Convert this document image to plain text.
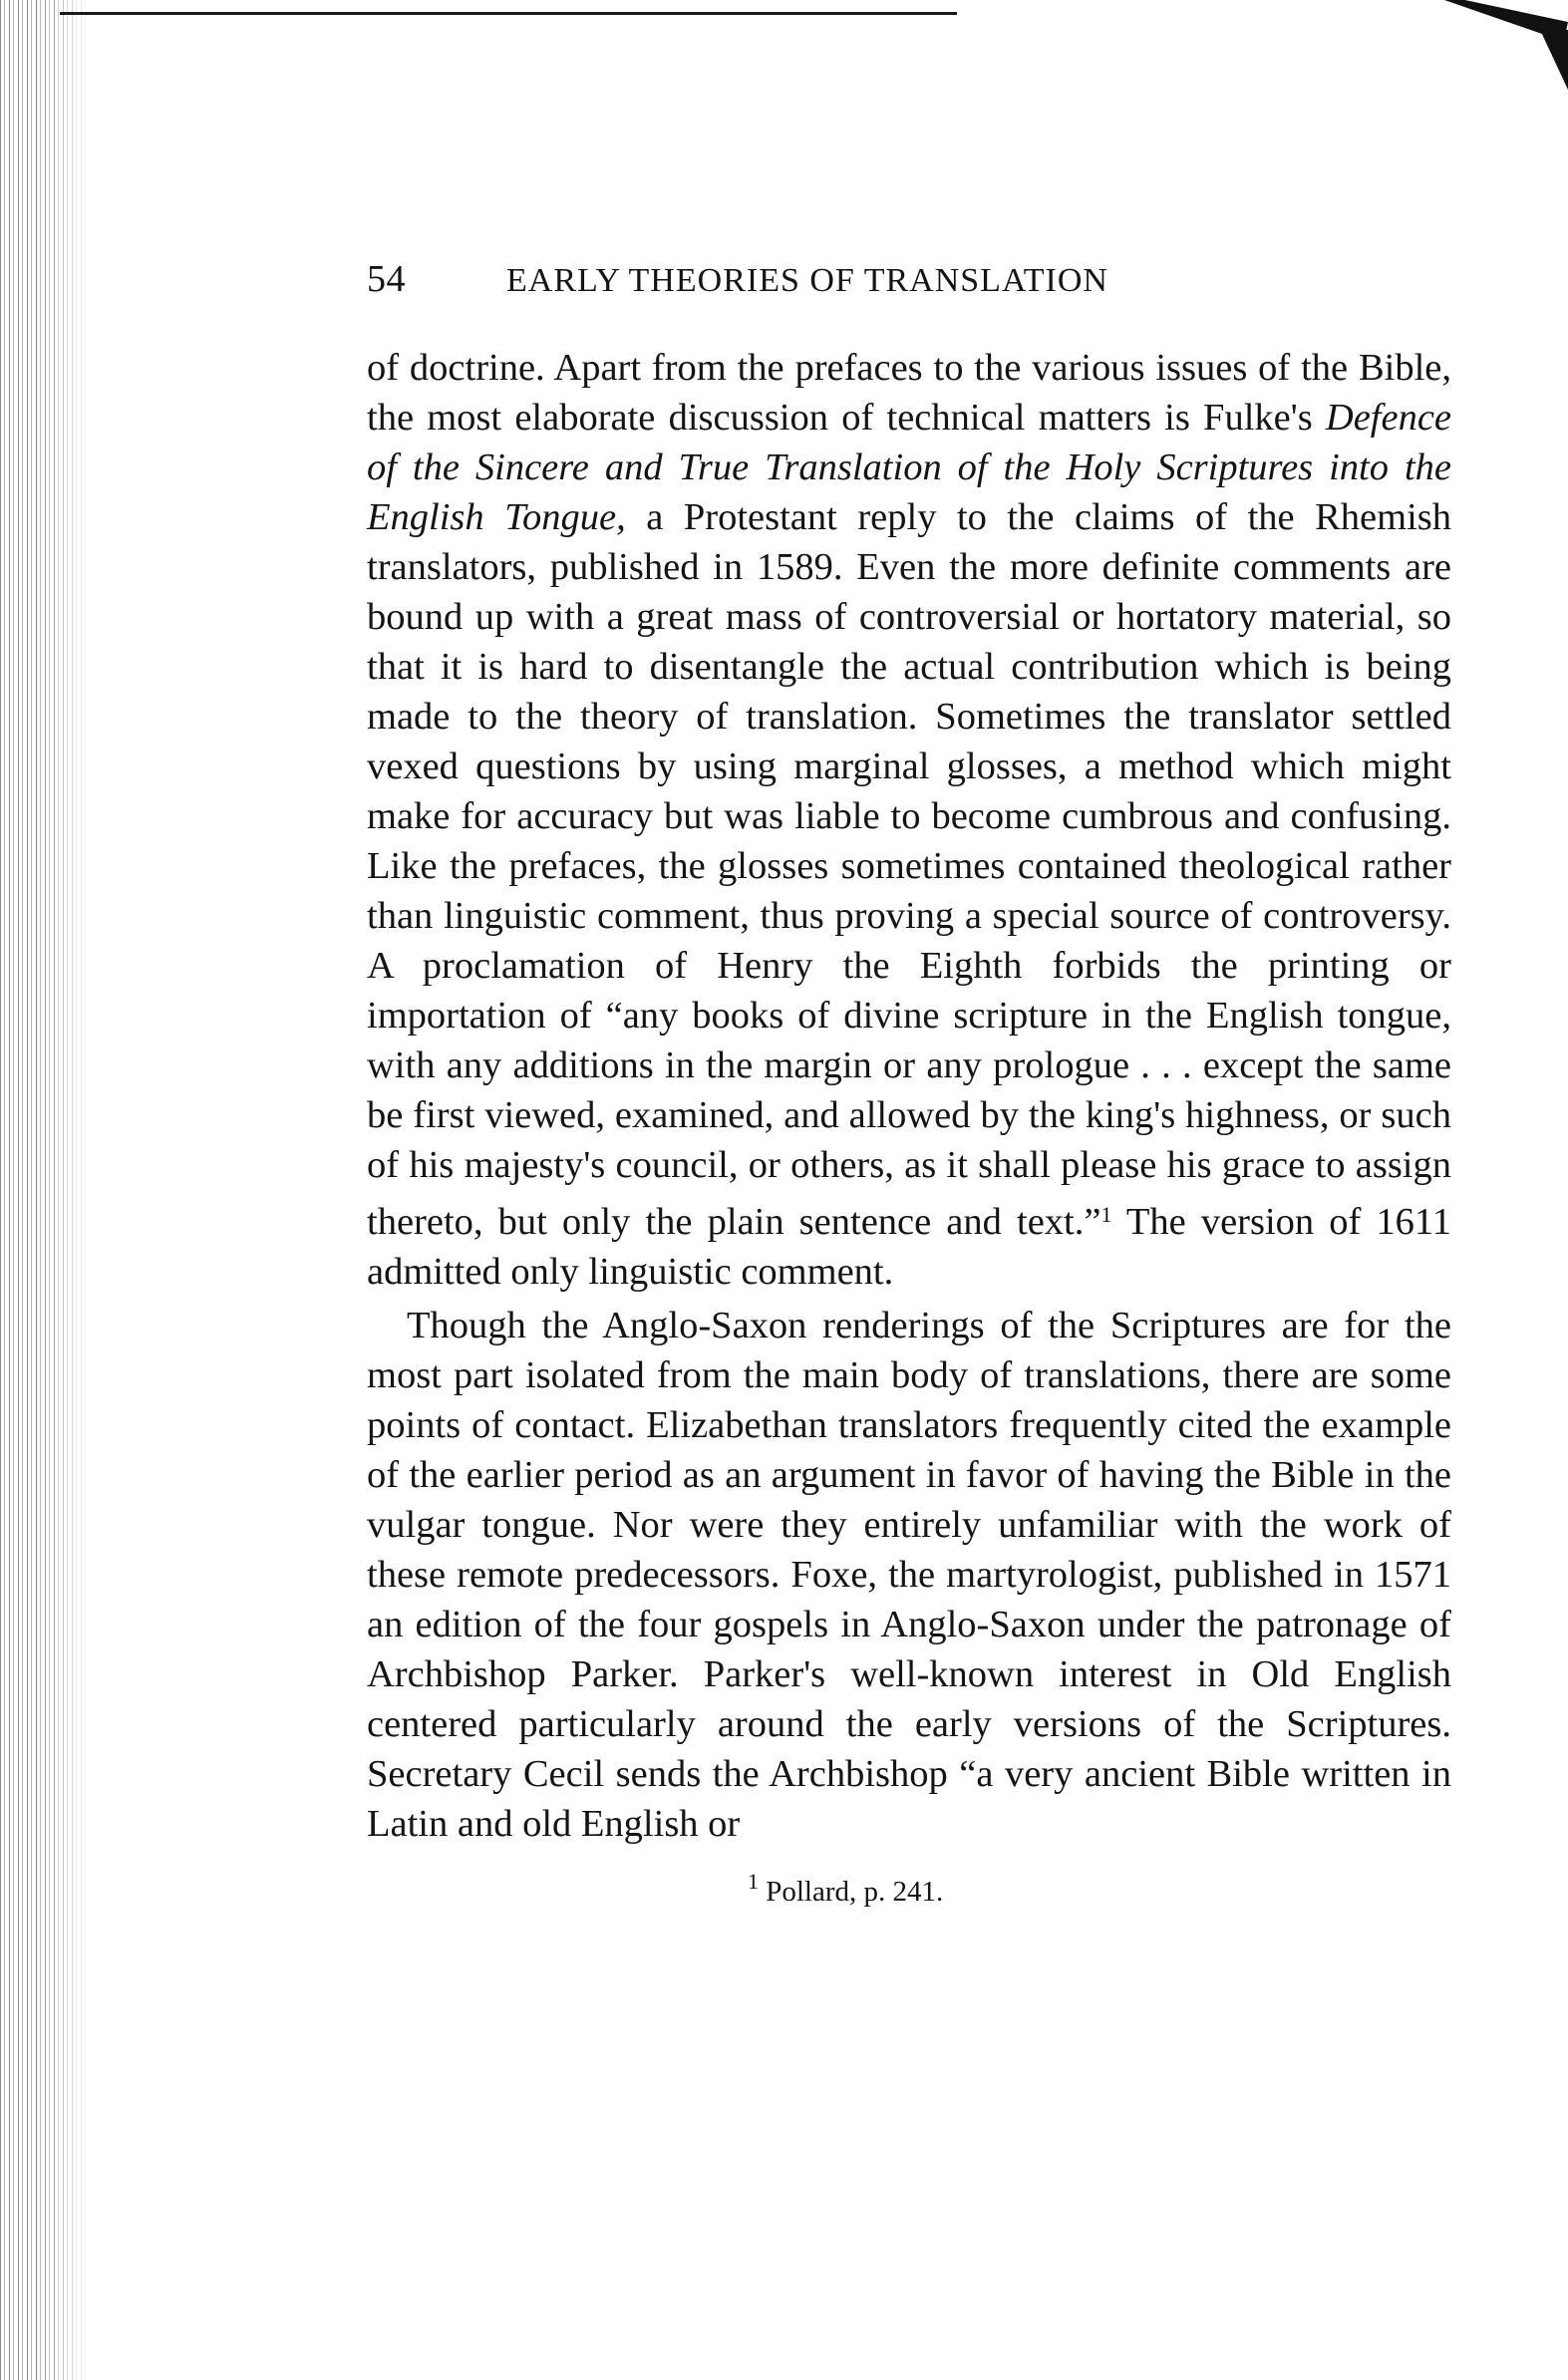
54	EARLY THEORIES OF TRANSLATION

of doctrine. Apart from the prefaces to the various issues of the Bible, the most elaborate discussion of technical matters is Fulke's Defence of the Sincere and True Translation of the Holy Scriptures into the English Tongue, a Protestant reply to the claims of the Rhemish translators, published in 1589. Even the more definite comments are bound up with a great mass of controversial or hortatory material, so that it is hard to disentangle the actual contribution which is being made to the theory of translation. Sometimes the translator settled vexed questions by using marginal glosses, a method which might make for accuracy but was liable to become cumbrous and confusing. Like the prefaces, the glosses sometimes contained theological rather than linguistic comment, thus proving a special source of controversy. A proclamation of Henry the Eighth forbids the printing or importation of “any books of divine scripture in the English tongue, with any additions in the margin or any prologue . . . except the same be first viewed, examined, and allowed by the king's highness, or such of his majesty's council, or others, as it shall please his grace to assign thereto, but only the plain sentence and text.”$^1$ The version of 1611 admitted only linguistic comment.

Though the Anglo-Saxon renderings of the Scriptures are for the most part isolated from the main body of translations, there are some points of contact. Elizabethan translators frequently cited the example of the earlier period as an argument in favor of having the Bible in the vulgar tongue. Nor were they entirely unfamiliar with the work of these remote predecessors. Foxe, the martyrologist, published in 1571 an edition of the four gospels in Anglo-Saxon under the patronage of Archbishop Parker. Parker's well-known interest in Old English centered particularly around the early versions of the Scriptures. Secretary Cecil sends the Archbishop “a very ancient Bible written in Latin and old English or

$^1$ Pollard, p. 241.
